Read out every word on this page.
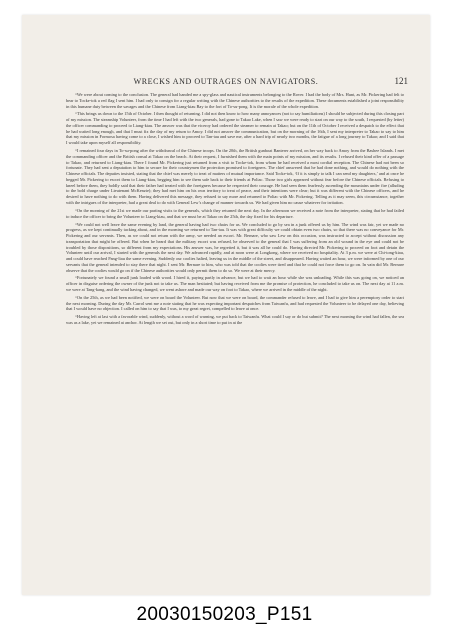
WRECKS AND OUTRAGES ON NAVIGATORS.	121

“We were about coming to the conclusion. The general had handed me a spy-glass and nautical instruments belonging to the Rover. I had the body of Mrs. Hunt, as Mr. Pickering had felt to bear to Tocke-tok a red flag I sent him. I had only to consign for a regular writing with the Chinese authorities to the results of the expedition. These documents established a joint responsibility in this humane duty between the savages and the Chinese from Liang-kiau Bay to the fort of To-su-pong. It is the morale of the whole expedition.

“This brings us down to the 15th of October. I then thought of returning. I did not then know to how many annoyances (not to say humiliations) I should be subjected during this closing part of my mission. The steamship Volunteer, from the time I had left with the two generals, had gone to Takao Lake, when I saw we were ready to start on our way to the south, I requested (by letter) the officer commanding to proceed to Liang-kiau. The answer was that the viceroy had ordered the steamer to remain at Takao; but on the 11th of October I received a despatch to the effect that he had waited long enough, and that I must fix the day of my return to Amoy. I did not answer the communication, but on the morning of the 16th, I sent my interpreter to Takao to say to him that my mission in Formosa having come to a close, I wished him to proceed to Tan-tau and save me, after a hard trip of nearly two months, the fatigue of a long journey to Takao; and I said that I would take upon myself all responsibility.

“I remained four days in To-su-pong after the withdrawal of the Chinese troops. On the 20th, the British gunboat Banterer arrived, on her way back to Amoy from the Bashee Islands. I met the commanding officer and the British consul at Takao on the beach. At their request, I furnished them with the main points of my mission, and its results. I refused their kind offer of a passage to Takao, and returned to Liang-kiau. There I found Mr. Pickering just returned from a visit to Tocke-tok, from whom he had received a most cordial reception. The Chinese had not been so fortunate. They had sent a deputation to him to secure for their countrymen the protection promised to foreigners. The chief answered that he had done nothing, and would do nothing with the Chinese officials. The deputies insisted, stating that the chief was merely to treat of matters of mutual importance. Said Tocke-tok, ‘If it is simply to talk I can send my daughters,’ and at once he begged Mr. Pickering to escort them to Liang-kiau, begging him to see them safe back to their friends at Poliac. Those two girls appeared without fear before the Chinese officials. Refusing to kneel before them, they boldly said that their father had treated with the foreigners because he respected their courage. He had seen them fearlessly ascending the mountains under fire (alluding to the bold charge under Lieutenant McKenzie); they had met him on his own territory to treat of peace, and their intentions were clear; but it was different with the Chinese officers, and he desired to have nothing to do with them. Having delivered this message, they refused to say more and returned to Poliac with Mr. Pickering. Telling as it may seem, this circumstance, together with the intrigues of the interpreter, had a great deal to do with General Lew’s change of manner towards us. We had given him no cause whatever for irritation.

“On the morning of the 21st we made our parting visits to the generals, which they returned the next day. In the afternoon we received a note from the interpreter, stating that he had failed to induce the officer to bring the Volunteer to Liang-kiau, and that we must be at Takao on the 25th, the day fixed for his departure.

“We could not well leave the same evening by land, the general having had two chairs for us. We concluded to go by sea in a junk offered us by him. The wind was fair, yet we made no progress, as we kept continually tacking about, and in the morning we returned to Tan-tau. It was with great difficulty we could obtain even two chairs, so that there was no conveyance for Mr. Pickering and our servants. Then, as we could not return with the army, we needed an escort. Mr. Bernare, who saw Lew on this occasion, was instructed to accept without discussion any transportation that might be offered. But when he heard that the military escort was refused, he observed to the general that I was suffering from an old wound in the eye and could not be troubled by those dispositions, so different from my expectations. His answer was, he regretted it, but it was all he could do. Having directed Mr. Pickering to proceed on foot and detain the Volunteer until our arrival, I started with the generals the next day. We advanced rapidly, and at noon were at Longkong, where we received no hospitality. At 3 p.m. we were at Chi-tong-kiau, and could have reached Pang-liau the same evening. Suddenly our coolies halted, leaving us in the middle of the street, and disappeared. Having waited an hour, we were informed by one of our servants that the general intended to stay there that night. I sent Mr. Bernare to him, who was told that the coolies were tired and that he could not force them to go on. In vain did Mr. Bernare observe that the coolies would go on if the Chinese authorities would only permit them to do so. We were at their mercy.

“Fortunately we found a small junk loaded with wood. I hired it, paying partly in advance, but we had to wait an hour while she was unloading. While this was going on, we noticed an officer in disguise ordering the owner of the junk not to take us. The man hesitated; but having received from me the promise of protection, he concluded to take us on. The next day at 11 a.m. we were at Tang-kang, and the wind having changed, we went ashore and made our way on foot to Takao, where we arrived in the middle of the night.

“On the 25th, as we had been notified, we were on board the Volunteer. But now that we were on board, the commander refused to leave, and I had to give him a peremptory order to start the next morning. During the day Mr. Carrol sent me a note stating that he was expecting important despatches from Taiwanfu, and had requested the Volunteer to be delayed one day, believing that I would have no objection. I called on him to say that I was, to my great regret, compelled to leave at once.

“Having left at last with a favorable wind, suddenly, without a word of warning, we put back to Taiwanfu. What could I say or do but submit? The next morning the wind had fallen, the sea was as a lake, yet we remained at anchor. At length we set out, but only in a short time to put in at the

20030150203_P151
